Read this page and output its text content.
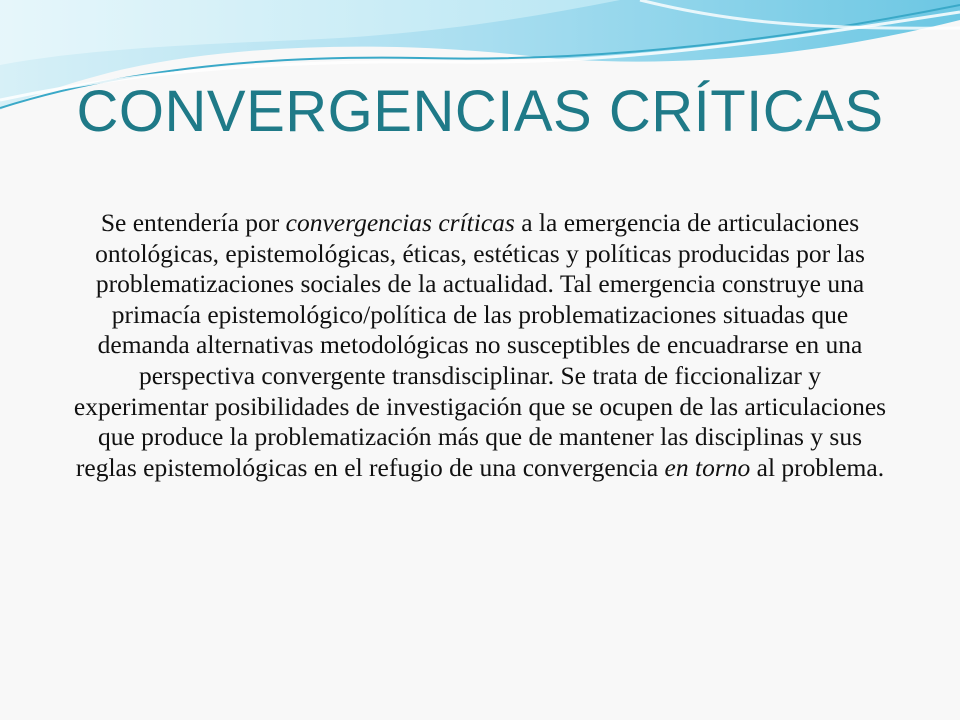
CONVERGENCIAS CRÍTICAS

Se entendería por convergencias críticas a la emergencia de articulaciones ontológicas, epistemológicas, éticas, estéticas y políticas producidas por las problematizaciones sociales de la actualidad. Tal emergencia construye una primacía epistemológico/política de las problematizaciones situadas que demanda alternativas metodológicas no susceptibles de encuadrarse en una perspectiva convergente transdisciplinar. Se trata de ficcionalizar y experimentar posibilidades de investigación que se ocupen de las articulaciones que produce la problematización más que de mantener las disciplinas y sus reglas epistemológicas en el refugio de una convergencia en torno al problema.
